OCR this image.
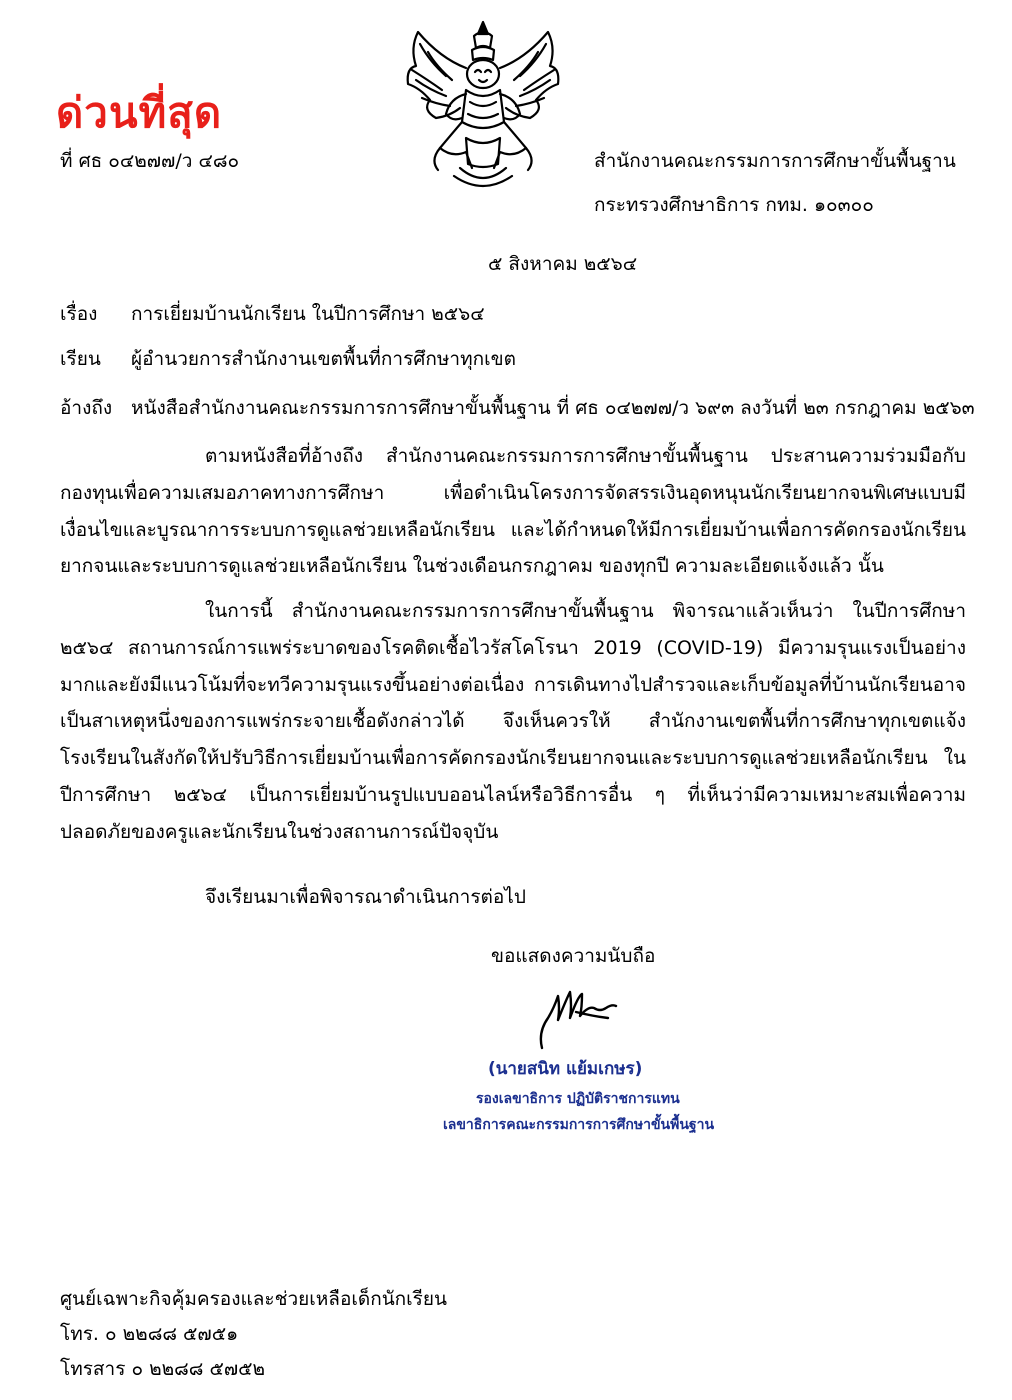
ด่วนที่สุด
ที่ ศธ ๐๔๒๗๗/ว ๔๘๐	สำนักงานคณะกรรมการการศึกษาขั้นพื้นฐาน
กระทรวงศึกษาธิการ กทม. ๑๐๓๐๐
๕ สิงหาคม ๒๕๖๔
เรื่อง การเยี่ยมบ้านนักเรียน ในปีการศึกษา ๒๕๖๔
เรียน ผู้อำนวยการสำนักงานเขตพื้นที่การศึกษาทุกเขต
อ้างถึง หนังสือสำนักงานคณะกรรมการการศึกษาขั้นพื้นฐาน ที่ ศธ ๐๔๒๗๗/ว ๖๙๓ ลงวันที่ ๒๓ กรกฎาคม ๒๕๖๓
ตามหนังสือที่อ้างถึง สำนักงานคณะกรรมการการศึกษาขั้นพื้นฐาน ประสานความร่วมมือกับกองทุนเพื่อความเสมอภาคทางการศึกษา เพื่อดำเนินโครงการจัดสรรเงินอุดหนุนนักเรียนยากจนพิเศษแบบมีเงื่อนไขและบูรณาการระบบการดูแลช่วยเหลือนักเรียน และได้กำหนดให้มีการเยี่ยมบ้านเพื่อการคัดกรองนักเรียนยากจนและระบบการดูแลช่วยเหลือนักเรียน ในช่วงเดือนกรกฎาคม ของทุกปี ความละเอียดแจ้งแล้ว นั้น
ในการนี้ สำนักงานคณะกรรมการการศึกษาขั้นพื้นฐาน พิจารณาแล้วเห็นว่า ในปีการศึกษา ๒๕๖๔ สถานการณ์การแพร่ระบาดของโรคติดเชื้อไวรัสโคโรนา 2019 (COVID-19) มีความรุนแรงเป็นอย่างมากและยังมีแนวโน้มที่จะทวีความรุนแรงขึ้นอย่างต่อเนื่อง การเดินทางไปสำรวจและเก็บข้อมูลที่บ้านนักเรียนอาจเป็นสาเหตุหนึ่งของการแพร่กระจายเชื้อดังกล่าวได้ จึงเห็นควรให้ สำนักงานเขตพื้นที่การศึกษาทุกเขตแจ้งโรงเรียนในสังกัดให้ปรับวิธีการเยี่ยมบ้านเพื่อการคัดกรองนักเรียนยากจนและระบบการดูแลช่วยเหลือนักเรียน ในปีการศึกษา ๒๕๖๔ เป็นการเยี่ยมบ้านรูปแบบออนไลน์หรือวิธีการอื่น ๆ ที่เห็นว่ามีความเหมาะสมเพื่อความปลอดภัยของครูและนักเรียนในช่วงสถานการณ์ปัจจุบัน
จึงเรียนมาเพื่อพิจารณาดำเนินการต่อไป
ขอแสดงความนับถือ
(นายสนิท แย้มเกษร)
รองเลขาธิการ ปฏิบัติราชการแทน
เลขาธิการคณะกรรมการการศึกษาขั้นพื้นฐาน
ศูนย์เฉพาะกิจคุ้มครองและช่วยเหลือเด็กนักเรียน
โทร. ๐ ๒๒๘๘ ๕๗๕๑
โทรสาร ๐ ๒๒๘๘ ๕๗๕๒
